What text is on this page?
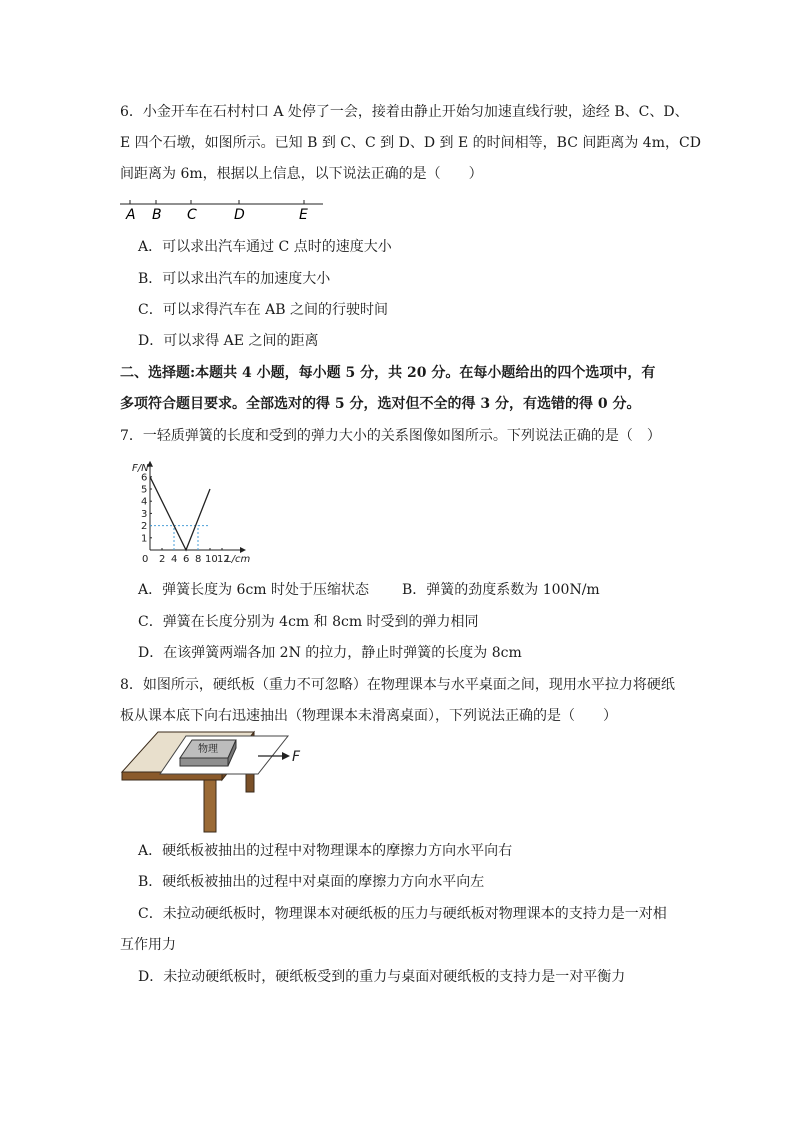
6．小金开车在石村村口 A 处停了一会，接着由静止开始匀加速直线行驶，途经 B、C、D、
E 四个石墩，如图所示。已知 B 到 C、C 到 D、D 到 E 的时间相等，BC 间距离为 4m，CD
间距离为 6m，根据以上信息，以下说法正确的是（　　）
A B C	D	E
A．可以求出汽车通过 C 点时的速度大小
B．可以求出汽车的加速度大小
C．可以求得汽车在 AB 之间的行驶时间
D．可以求得 AE 之间的距离
二、选择题:本题共 4 小题，每小题 5 分，共 20 分。在每小题给出的四个选项中，有
多项符合题目要求。全部选对的得 5 分，选对但不全的得 3 分，有选错的得 0 分。
7．一轻质弹簧的长度和受到的弹力大小的关系图像如图所示。下列说法正确的是（　）
0 2 4 6 8 10 12
1
2
3
4
5
6
F/N
L/cm
A．弹簧长度为 6cm 时处于压缩状态 B．弹簧的劲度系数为 100N/m
C．弹簧在长度分别为 4cm 和 8cm 时受到的弹力相同
D．在该弹簧两端各加 2N 的拉力，静止时弹簧的长度为 8cm
8．如图所示，硬纸板（重力不可忽略）在物理课本与水平桌面之间，现用水平拉力将硬纸
板从课本底下向右迅速抽出（物理课本未滑离桌面），下列说法正确的是（　　）
物理	F
A．硬纸板被抽出的过程中对物理课本的摩擦力方向水平向右
B．硬纸板被抽出的过程中对桌面的摩擦力方向水平向左
C．未拉动硬纸板时，物理课本对硬纸板的压力与硬纸板对物理课本的支持力是一对相
互作用力
D．未拉动硬纸板时，硬纸板受到的重力与桌面对硬纸板的支持力是一对平衡力
